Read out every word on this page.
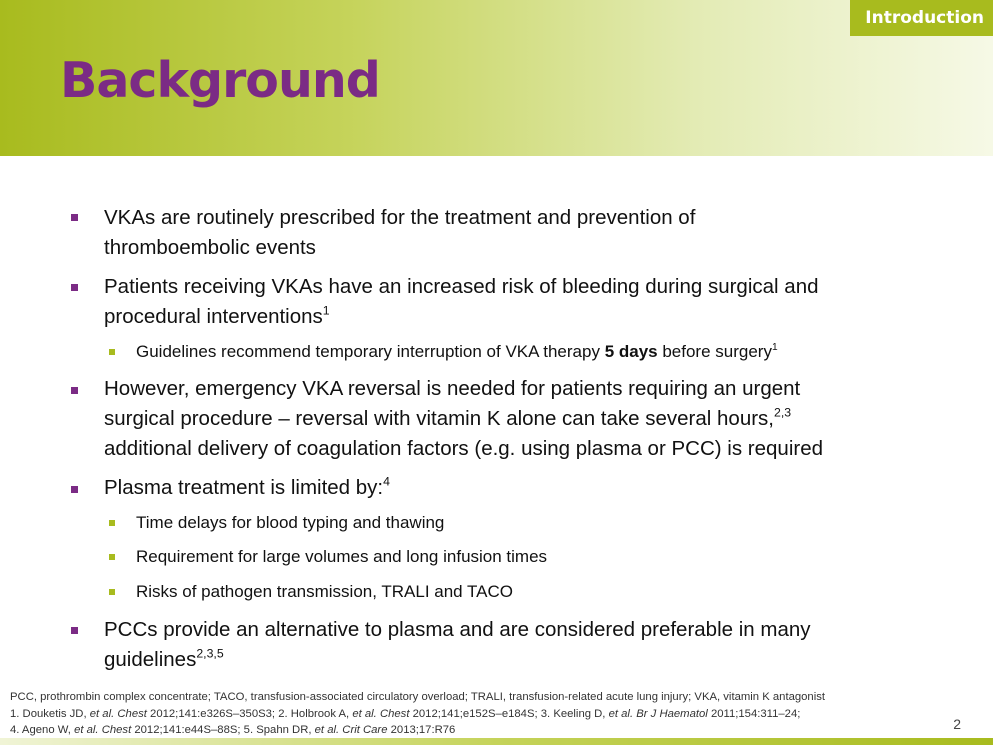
Introduction
Background
VKAs are routinely prescribed for the treatment and prevention of
thromboembolic events
Patients receiving VKAs have an increased risk of bleeding during surgical and
procedural interventions$^1$
Guidelines recommend temporary interruption of VKA therapy 5 days before surgery$^1$
However, emergency VKA reversal is needed for patients requiring an urgent
surgical procedure – reversal with vitamin K alone can take several hours,$^{2,3}$
additional delivery of coagulation factors (e.g. using plasma or PCC) is required
Plasma treatment is limited by:$^4$
Time delays for blood typing and thawing
Requirement for large volumes and long infusion times
Risks of pathogen transmission, TRALI and TACO
PCCs provide an alternative to plasma and are considered preferable in many
guidelines$^{2,3,5}$
PCC, prothrombin complex concentrate; TACO, transfusion-associated circulatory overload; TRALI, transfusion-related acute lung injury; VKA, vitamin K antagonist
1. Douketis JD, et al. Chest 2012;141:e326S–350S3; 2. Holbrook A, et al. Chest 2012;141;e152S–e184S; 3. Keeling D, et al. Br J Haematol 2011;154:311–24;
4. Ageno W, et al. Chest 2012;141:e44S–88S; 5. Spahn DR, et al. Crit Care 2013;17:R76	2
